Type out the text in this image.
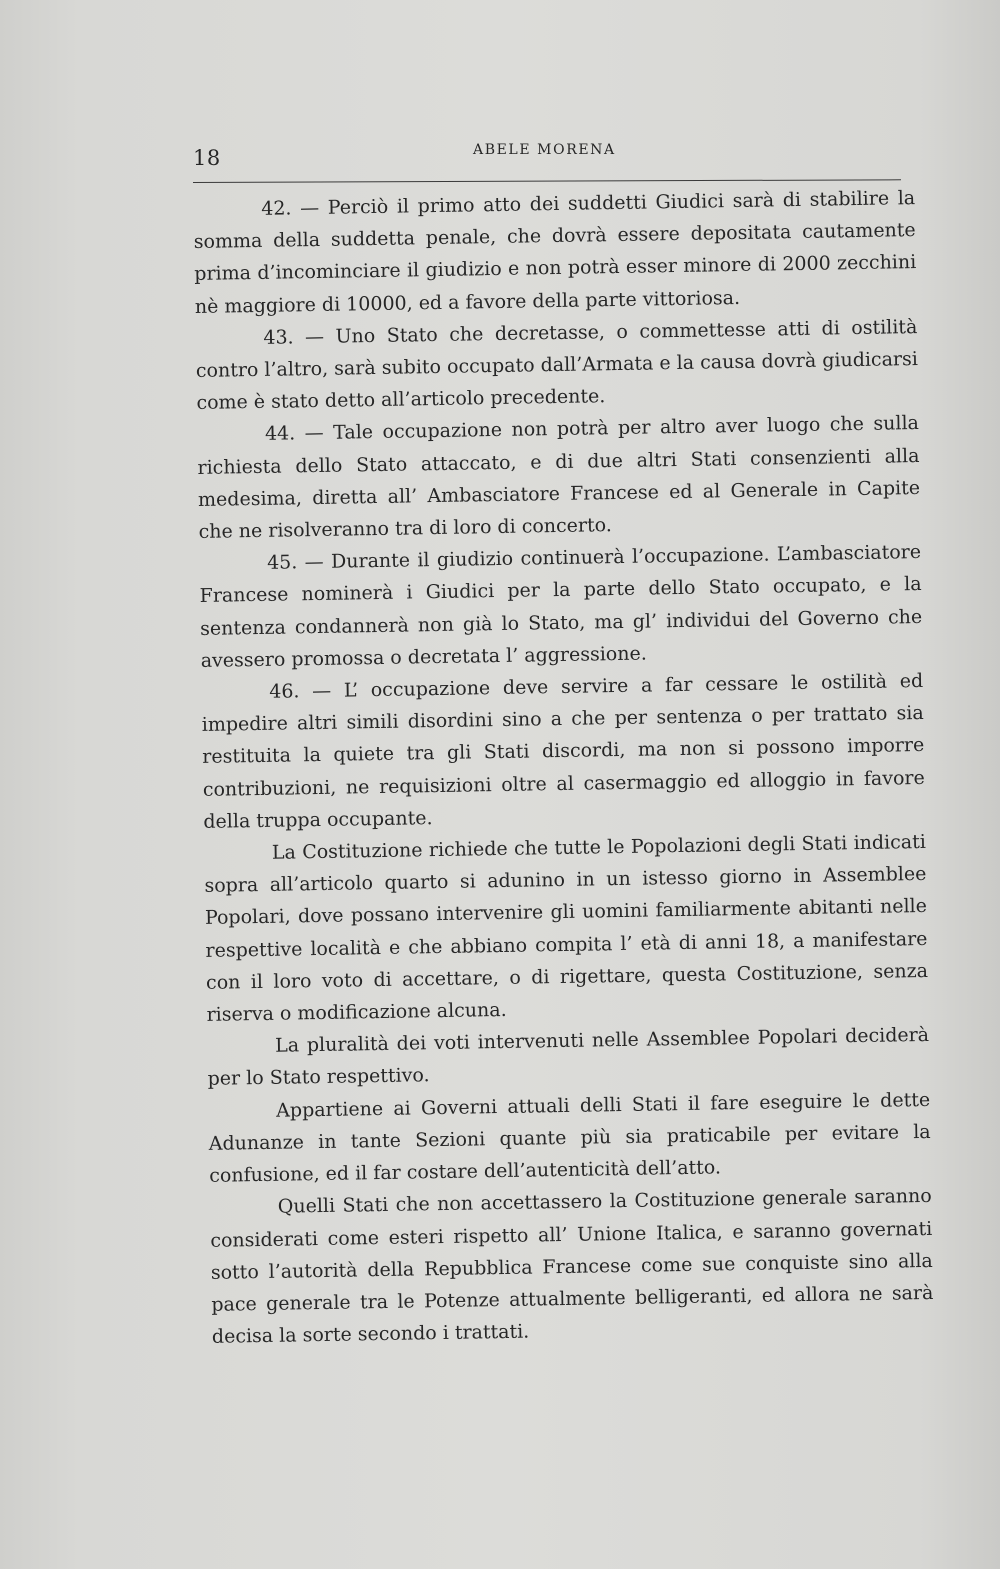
18	ABELE MORENA

42. — Perciò il primo atto dei suddetti Giudici sarà di stabilire la somma della suddetta penale, che dovrà essere depositata cautamente prima d’incominciare il giudizio e non potrà esser minore di 2000 zecchini nè maggiore di 10000, ed a favore della parte vittoriosa.

43. — Uno Stato che decretasse, o commettesse atti di ostilità contro l’altro, sarà subito occupato dall’Armata e la causa dovrà giudicarsi come è stato detto all’articolo precedente.

44. — Tale occupazione non potrà per altro aver luogo che sulla richiesta dello Stato attaccato, e di due altri Stati consenzienti alla medesima, diretta all’ Ambasciatore Francese ed al Generale in Capite che ne risolveranno tra di loro di concerto.

45. — Durante il giudizio continuerà l’occupazione. L’ambasciatore Francese nominerà i Giudici per la parte dello Stato occupato, e la sentenza condannerà non già lo Stato, ma gl’ individui del Governo che avessero promossa o decretata l’ aggressione.

46. — L’ occupazione deve servire a far cessare le ostilità ed impedire altri simili disordini sino a che per sentenza o per trattato sia restituita la quiete tra gli Stati discordi, ma non si possono imporre contribuzioni, ne requisizioni oltre al casermaggio ed alloggio in favore della truppa occupante.

La Costituzione richiede che tutte le Popolazioni degli Stati indicati sopra all’articolo quarto si adunino in un istesso giorno in Assemblee Popolari, dove possano intervenire gli uomini familiarmente abitanti nelle respettive località e che abbiano compita l’ età di anni 18, a manifestare con il loro voto di accettare, o di rigettare, questa Costituzione, senza riserva o modificazione alcuna.

La pluralità dei voti intervenuti nelle Assemblee Popolari deciderà per lo Stato respettivo.

Appartiene ai Governi attuali delli Stati il fare eseguire le dette Adunanze in tante Sezioni quante più sia praticabile per evitare la confusione, ed il far costare dell’autenticità dell’atto.

Quelli Stati che non accettassero la Costituzione generale saranno considerati come esteri rispetto all’ Unione Italica, e saranno governati sotto l’autorità della Repubblica Francese come sue conquiste sino alla pace generale tra le Potenze attualmente belligeranti, ed allora ne sarà decisa la sorte secondo i trattati.
